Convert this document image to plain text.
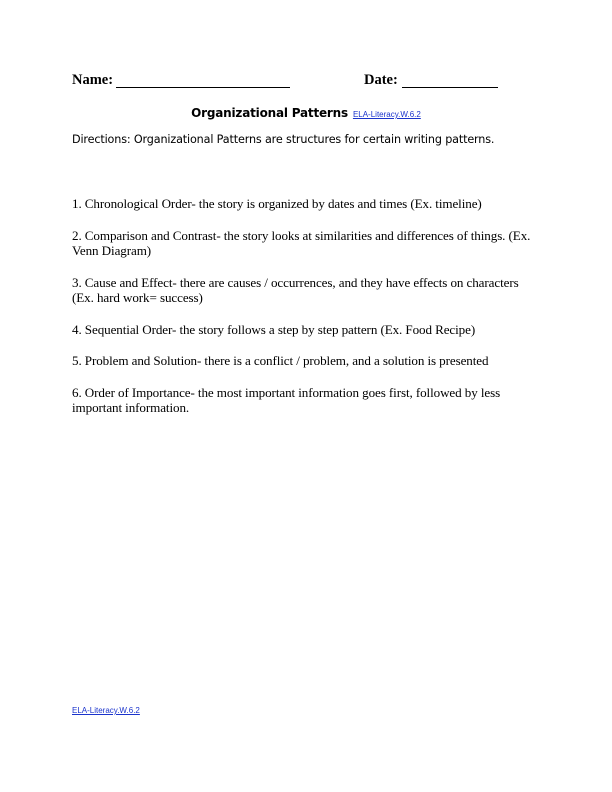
Name:	Date:
Organizational Patterns ELA-Literacy.W.6.2
Directions: Organizational Patterns are structures for certain writing patterns.
1. Chronological Order- the story is organized by dates and times (Ex. timeline)
2. Comparison and Contrast- the story looks at similarities and differences of things. (Ex. Venn Diagram)
3. Cause and Effect- there are causes / occurrences, and they have effects on characters (Ex. hard work= success)
4. Sequential Order- the story follows a step by step pattern (Ex. Food Recipe)
5. Problem and Solution- there is a conflict / problem, and a solution is presented
6. Order of Importance- the most important information goes first, followed by less important information.
ELA-Literacy.W.6.2
